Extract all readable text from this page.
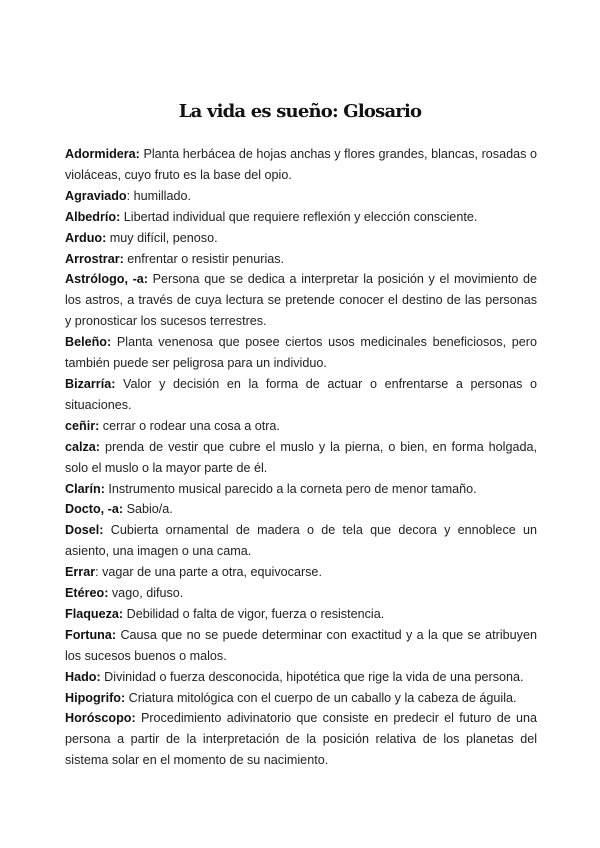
La vida es sueño: Glosario

Adormidera: Planta herbácea de hojas anchas y flores grandes, blancas, rosadas o violáceas, cuyo fruto es la base del opio.

Agraviado: humillado.

Albedrío: Libertad individual que requiere reflexión y elección consciente.

Arduo: muy difícil, penoso.

Arrostrar: enfrentar o resistir penurias.

Astrólogo, -a: Persona que se dedica a interpretar la posición y el movimiento de los astros, a través de cuya lectura se pretende conocer el destino de las personas y pronosticar los sucesos terrestres.

Beleño: Planta venenosa que posee ciertos usos medicinales beneficiosos, pero también puede ser peligrosa para un individuo.

Bizarría: Valor y decisión en la forma de actuar o enfrentarse a personas o situaciones.

ceñir: cerrar o rodear una cosa a otra.

calza: prenda de vestir que cubre el muslo y la pierna, o bien, en forma holgada, solo el muslo o la mayor parte de él.

Clarín: Instrumento musical parecido a la corneta pero de menor tamaño.

Docto, -a: Sabio/a.

Dosel: Cubierta ornamental de madera o de tela que decora y ennoblece un asiento, una imagen o una cama.

Errar: vagar de una parte a otra, equivocarse.

Etéreo: vago, difuso.

Flaqueza: Debilidad o falta de vigor, fuerza o resistencia.

Fortuna: Causa que no se puede determinar con exactitud y a la que se atribuyen los sucesos buenos o malos.

Hado: Divinidad o fuerza desconocida, hipotética que rige la vida de una persona.

Hipogrifo: Criatura mitológica con el cuerpo de un caballo y la cabeza de águila.

Horóscopo: Procedimiento adivinatorio que consiste en predecir el futuro de una persona a partir de la interpretación de la posición relativa de los planetas del sistema solar en el momento de su nacimiento.
